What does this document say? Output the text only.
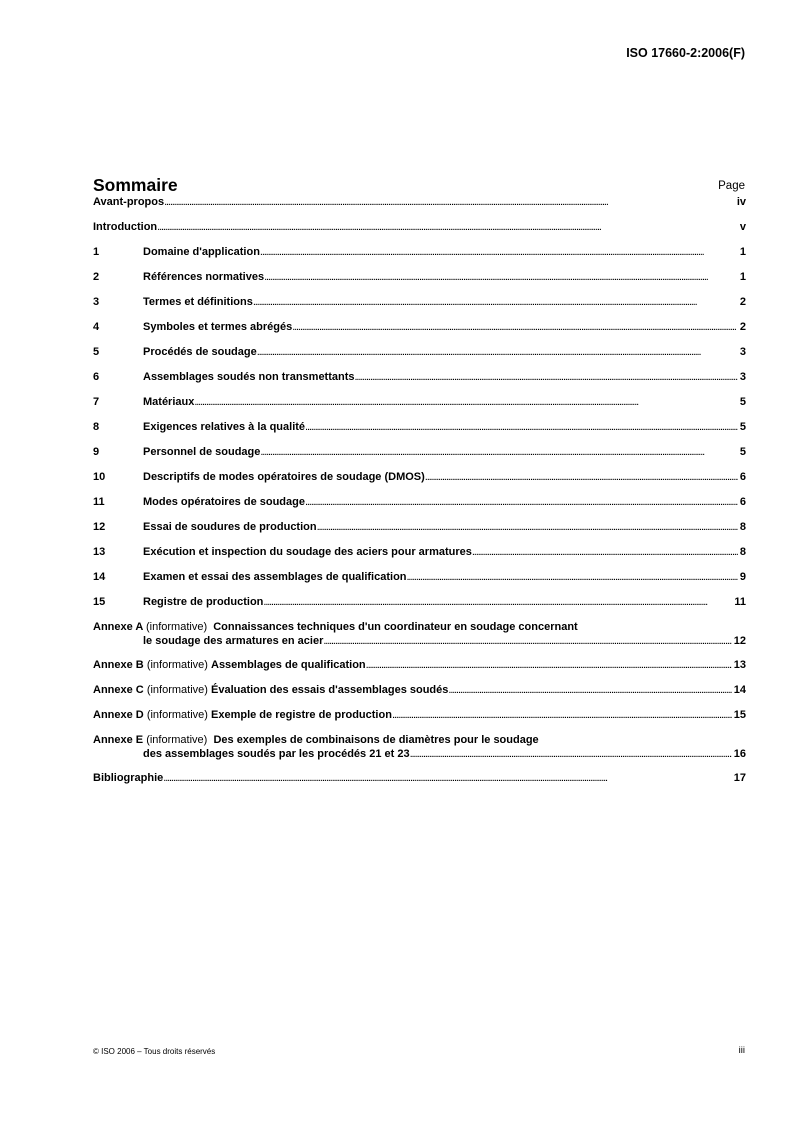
ISO 17660-2:2006(F)
Sommaire	Page
Avant-propos . . .	iv
Introduction . . .	v
1	Domaine d'application . . .	1
2	Références normatives . . .	1
3	Termes et définitions . . .	2
4	Symboles et termes abrégés . . .	2
5	Procédés de soudage . . .	3
6	Assemblages soudés non transmettants . . .	3
7	Matériaux . . .	5
8	Exigences relatives à la qualité . . .	5
9	Personnel de soudage . . .	5
10	Descriptifs de modes opératoires de soudage (DMOS) . . .	6
11	Modes opératoires de soudage . . .	6
12	Essai de soudures de production . . .	8
13	Exécution et inspection du soudage des aciers pour armatures . . .	8
14	Examen et essai des assemblages de qualification . . .	9
15	Registre de production . . .	11
Annexe A (informative) Connaissances techniques d'un coordinateur en soudage concernant
le soudage des armatures en acier . . .	12
Annexe B (informative) Assemblages de qualification . . .	13
Annexe C (informative) Évaluation des essais d'assemblages soudés . . .	14
Annexe D (informative) Exemple de registre de production . . .	15
Annexe E (informative) Des exemples de combinaisons de diamètres pour le soudage
des assemblages soudés par les procédés 21 et 23 . . .	16
Bibliographie . . .	17
© ISO 2006 – Tous droits réservés	iii
